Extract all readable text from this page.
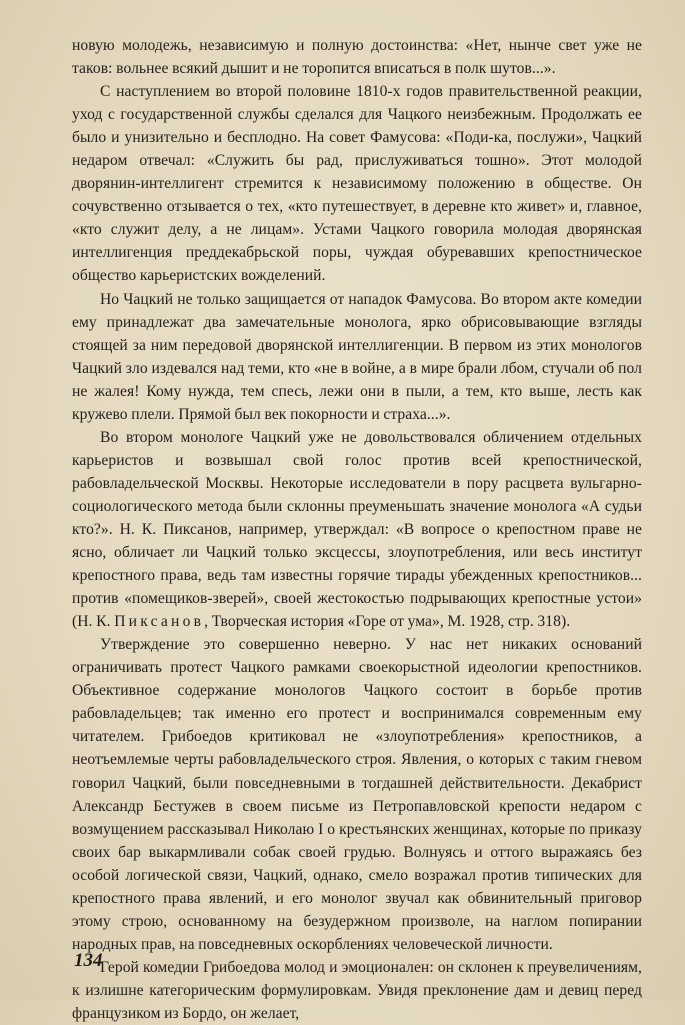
новую молодежь, независимую и полную достоинства: «Нет, нынче свет уже не таков: вольнее всякий дышит и не торопится вписаться в полк шутов...».

С наступлением во второй половине 1810-х годов правительственной реакции, уход с государственной службы сделался для Чацкого неизбежным. Продолжать ее было и унизительно и бесплодно. На совет Фамусова: «Поди-ка, послужи», Чацкий недаром отвечал: «Служить бы рад, прислуживаться тошно». Этот молодой дворянин-интеллигент стремится к независимому положению в обществе. Он сочувственно отзывается о тех, «кто путешествует, в деревне кто живет» и, главное, «кто служит делу, а не лицам». Устами Чацкого говорила молодая дворянская интеллигенция преддекабрьской поры, чуждая обуревавших крепостническое общество карьеристских вожделений.

Но Чацкий не только защищается от нападок Фамусова. Во втором акте комедии ему принадлежат два замечательные монолога, ярко обрисовывающие взгляды стоящей за ним передовой дворянской интеллигенции. В первом из этих монологов Чацкий зло издевался над теми, кто «не в войне, а в мире брали лбом, стучали об пол не жалея! Кому нужда, тем спесь, лежи они в пыли, а тем, кто выше, лесть как кружево плели. Прямой был век покорности и страха...».

Во втором монологе Чацкий уже не довольствовался обличением отдельных карьеристов и возвышал свой голос против всей крепостнической, рабовладельческой Москвы. Некоторые исследователи в пору расцвета вульгарно-социологического метода были склонны преуменьшать значение монолога «А судьи кто?». Н. К. Пиксанов, например, утверждал: «В вопросе о крепостном праве не ясно, обличает ли Чацкий только эксцессы, злоупотребления, или весь институт крепостного права, ведь там известны горячие тирады убежденных крепостников... против «помещиков-зверей», своей жестокостью подрывающих крепостные устои» (Н. К. Пиксанов, Творческая история «Горе от ума», М. 1928, стр. 318).

Утверждение это совершенно неверно. У нас нет никаких оснований ограничивать протест Чацкого рамками своекорыстной идеологии крепостников. Объективное содержание монологов Чацкого состоит в борьбе против рабовладельцев; так именно его протест и воспринимался современным ему читателем. Грибоедов критиковал не «злоупотребления» крепостников, а неотъемлемые черты рабовладельческого строя. Явления, о которых с таким гневом говорил Чацкий, были повседневными в тогдашней действительности. Декабрист Александр Бестужев в своем письме из Петропавловской крепости недаром с возмущением рассказывал Николаю I о крестьянских женщинах, которые по приказу своих бар выкармливали собак своей грудью. Волнуясь и оттого выражаясь без особой логической связи, Чацкий, однако, смело возражал против типических для крепостного права явлений, и его монолог звучал как обвинительный приговор этому строю, основанному на безудержном произволе, на наглом попирании народных прав, на повседневных оскорблениях человеческой личности.

Герой комедии Грибоедова молод и эмоционален: он склонен к преувеличениям, к излишне категорическим формулировкам. Увидя преклонение дам и девиц перед французиком из Бордо, он желает,

134
